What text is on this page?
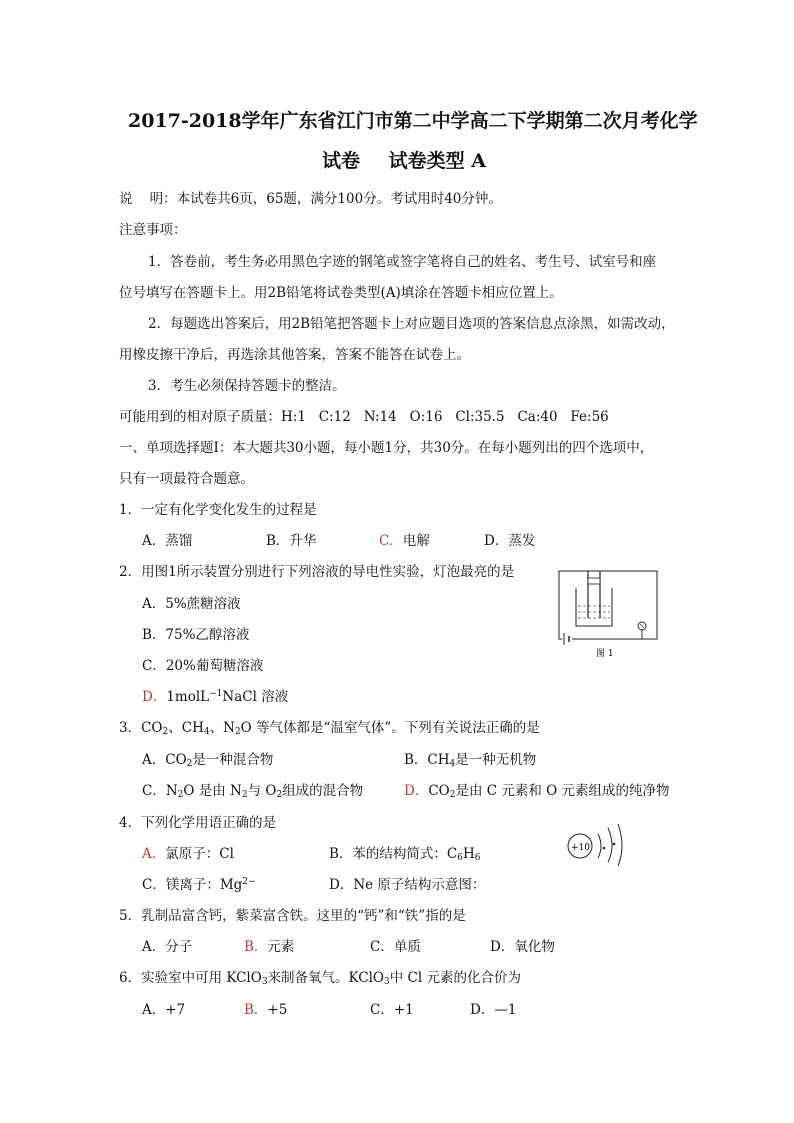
2017-2018学年广东省江门市第二中学高二下学期第二次月考化学
试卷 试卷类型 A
说    明：本试卷共6页，65题，满分100分。考试用时40分钟。
注意事项：
1．答卷前，考生务必用黑色字迹的钢笔或签字笔将自己的姓名、考生号、试室号和座
位号填写在答题卡上。用2B铅笔将试卷类型(A)填涂在答题卡相应位置上。
2．每题选出答案后，用2B铅笔把答题卡上对应题目选项的答案信息点涂黑，如需改动，
用橡皮擦干净后，再选涂其他答案，答案不能答在试卷上。
3．考生必须保持答题卡的整洁。
可能用到的相对原子质量：H:1   C:12   N:14   O:16   Cl:35.5   Ca:40   Fe:56
一、单项选择题Ⅰ：本大题共30小题，每小题1分，共30分。在每小题列出的四个选项中，
只有一项最符合题意。
1．一定有化学变化发生的过程是
A．蒸馏	B．升华	C．电解	D．蒸发
2．用图1所示装置分别进行下列溶液的导电性实验，灯泡最亮的是
A．5%蔗糖溶液
B．75%乙醇溶液
C．20%葡萄糖溶液
D．1molL$^{-1}$NaCl 溶液
图 1
3．$CO_2$、$CH_4$、$N_2O$ 等气体都是“温室气体”。下列有关说法正确的是
A．$CO_2$是一种混合物	B．$CH_4$是一种无机物
C．$N_2O$ 是由 $N_2$与 $O_2$组成的混合物	D．$CO_2$是由 C 元素和 O 元素组成的纯净物
4．下列化学用语正确的是
A．氯原子：Cl	B．苯的结构简式：$C_6H_6$
C．镁离子：$Mg^{2-}$	D．Ne 原子结构示意图：
+10
5．乳制品富含钙，紫菜富含铁。这里的“钙”和“铁”指的是
A．分子	B．元素	C．单质	D．氧化物
6．实验室中可用 KClO$_3$来制备氧气。KClO$_3$中 Cl 元素的化合价为
A．+7	B．+5	C．+1	D．—1
